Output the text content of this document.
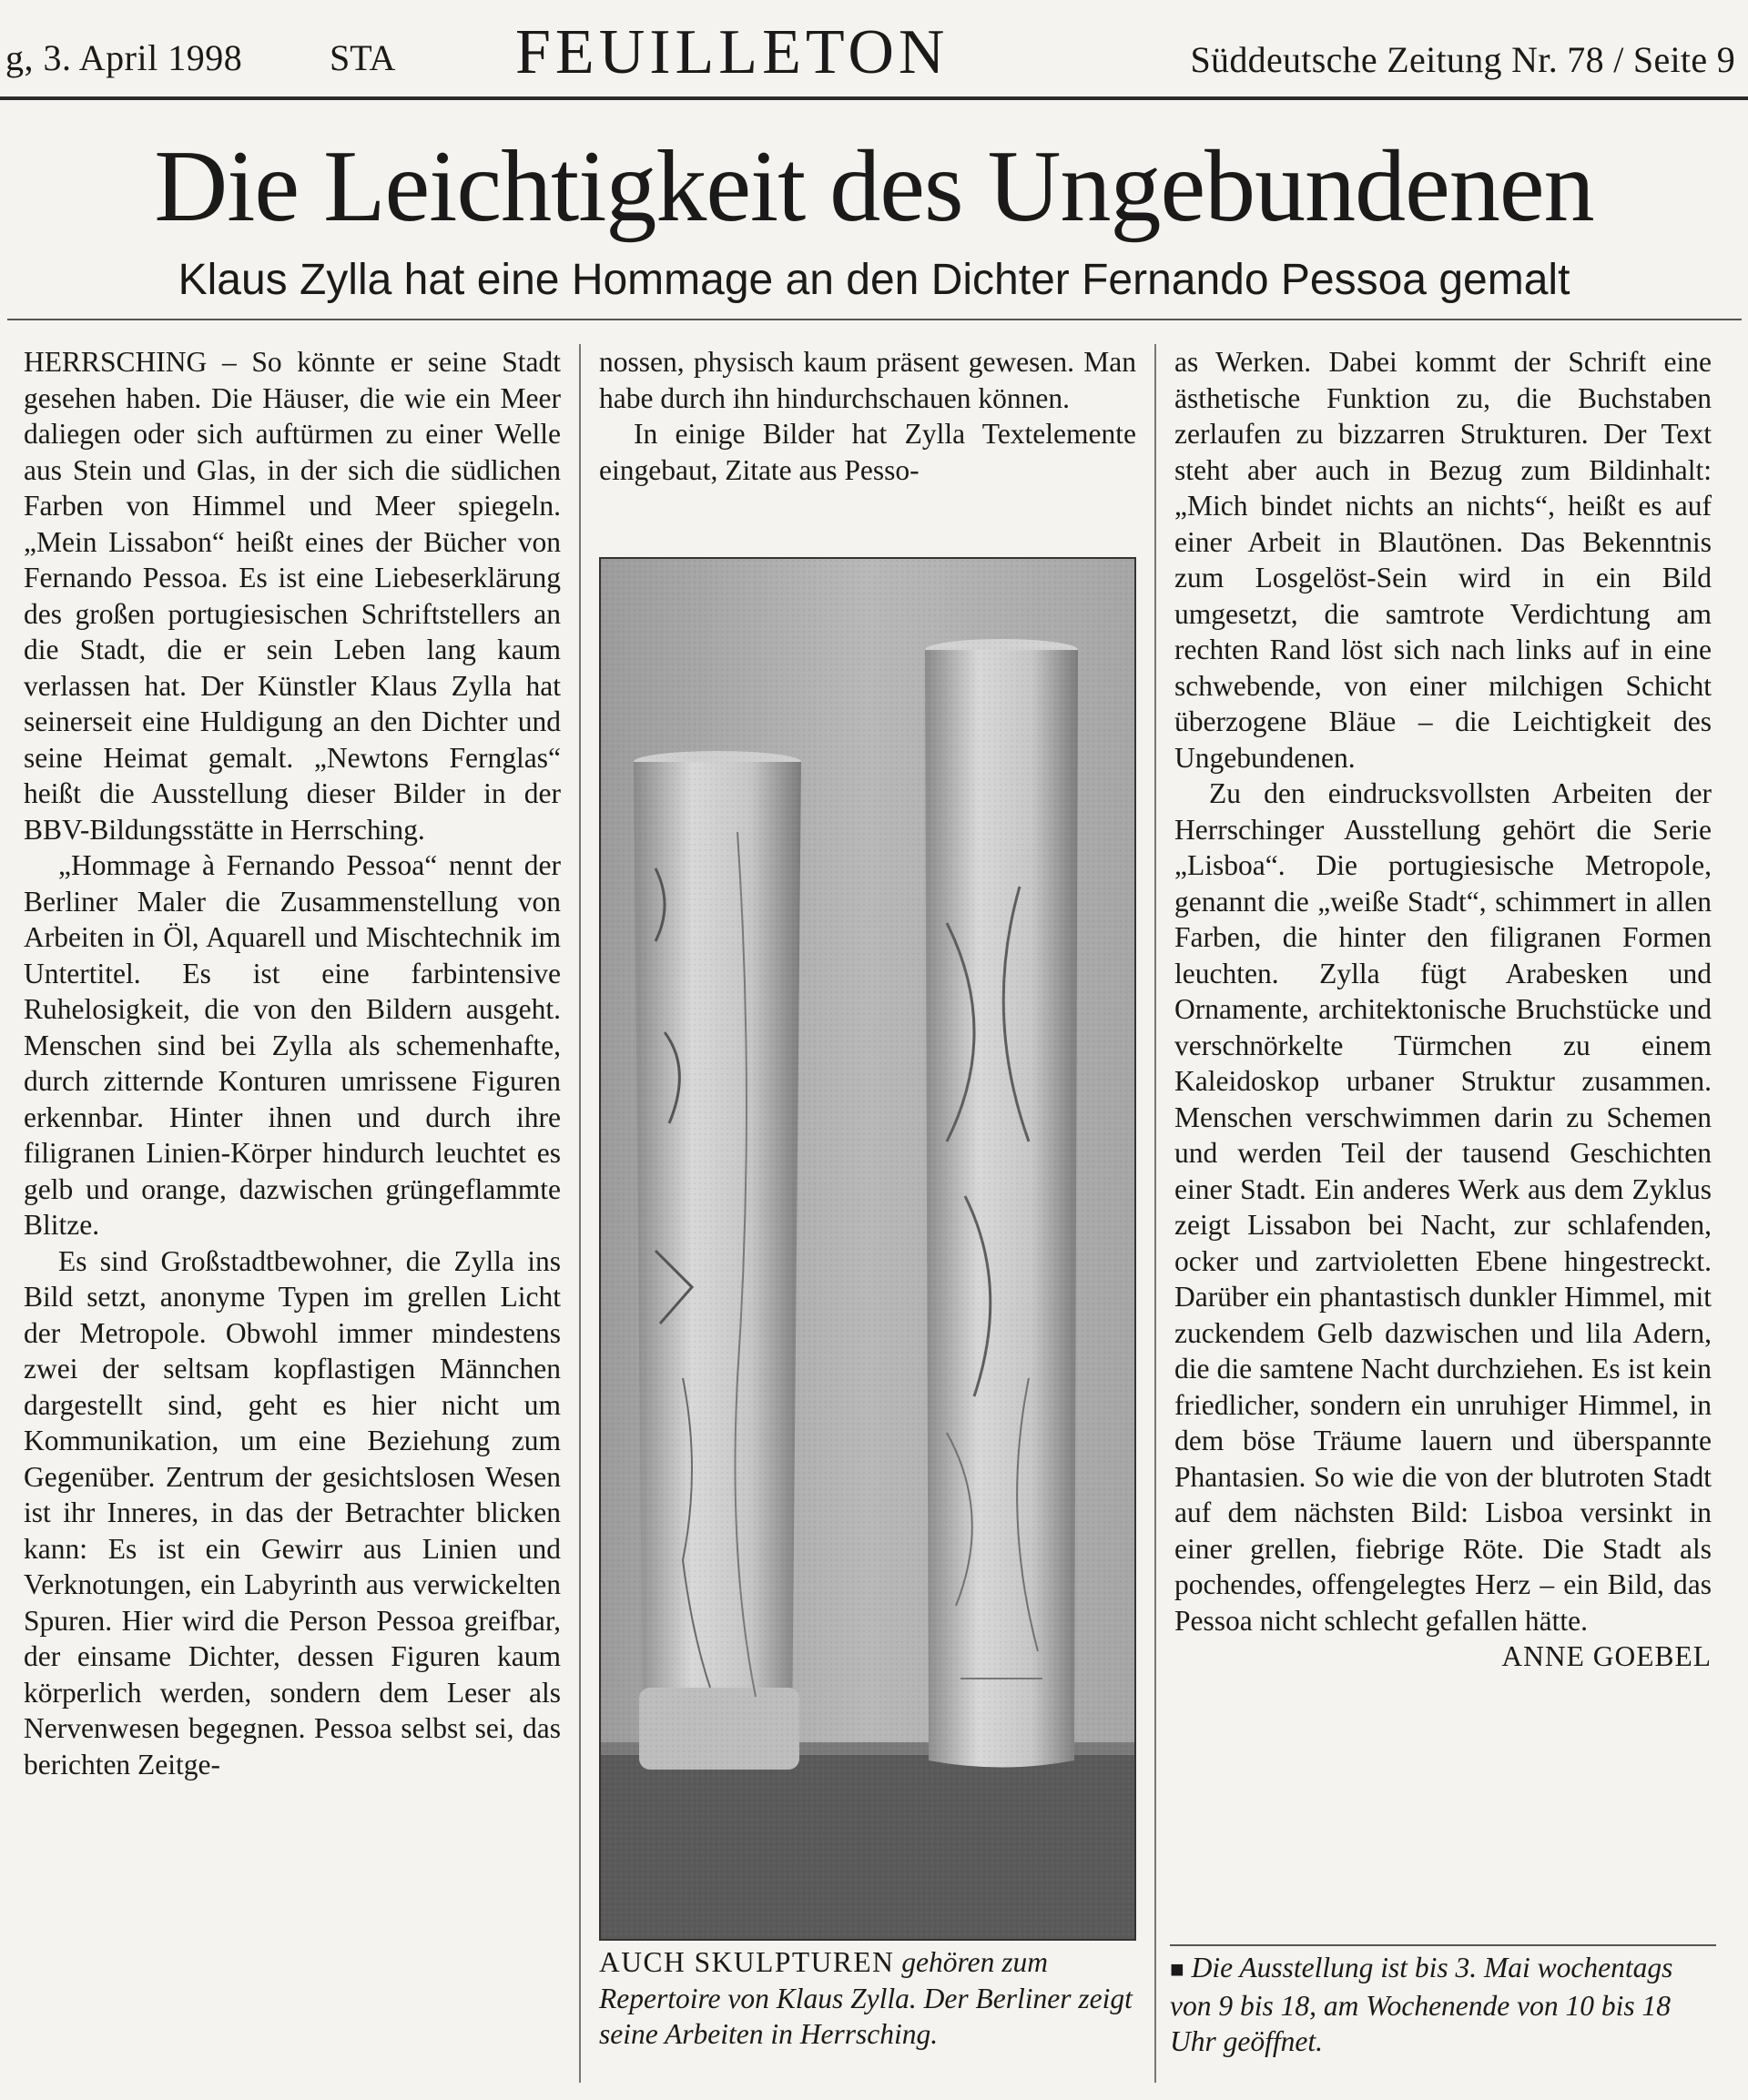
g, 3. April 1998 STA FEUILLETON	Süddeutsche Zeitung Nr. 78 / Seite 9
Die Leichtigkeit des Ungebundenen
Klaus Zylla hat eine Hommage an den Dichter Fernando Pessoa gemalt

HERRSCHING – So könnte er seine Stadt gesehen haben. Die Häuser, die wie ein Meer daliegen oder sich auftürmen zu einer Welle aus Stein und Glas, in der sich die südlichen Farben von Himmel und Meer spiegeln. „Mein Lissabon“ heißt eines der Bücher von Fernando Pessoa. Es ist eine Liebeserklärung des großen portugiesischen Schriftstellers an die Stadt, die er sein Leben lang kaum verlassen hat. Der Künstler Klaus Zylla hat seinerseit eine Huldigung an den Dichter und seine Heimat gemalt. „Newtons Fernglas“ heißt die Ausstellung dieser Bilder in der BBV-Bildungsstätte in Herrsching.

„Hommage à Fernando Pessoa“ nennt der Berliner Maler die Zusammenstellung von Arbeiten in Öl, Aquarell und Mischtechnik im Untertitel. Es ist eine farbintensive Ruhelosigkeit, die von den Bildern ausgeht. Menschen sind bei Zylla als schemenhafte, durch zitternde Konturen umrissene Figuren erkennbar. Hinter ihnen und durch ihre filigranen Linien-Körper hindurch leuchtet es gelb und orange, dazwischen grüngeflammte Blitze.

Es sind Großstadtbewohner, die Zylla ins Bild setzt, anonyme Typen im grellen Licht der Metropole. Obwohl immer mindestens zwei der seltsam kopflastigen Männchen dargestellt sind, geht es hier nicht um Kommunikation, um eine Beziehung zum Gegenüber. Zentrum der gesichtslosen Wesen ist ihr Inneres, in das der Betrachter blicken kann: Es ist ein Gewirr aus Linien und Verknotungen, ein Labyrinth aus verwickelten Spuren. Hier wird die Person Pessoa greifbar, der einsame Dichter, dessen Figuren kaum körperlich werden, sondern dem Leser als Nervenwesen begegnen. Pessoa selbst sei, das berichten Zeitge-

nossen, physisch kaum präsent gewesen. Man habe durch ihn hindurchschauen können.

In einige Bilder hat Zylla Textelemente eingebaut, Zitate aus Pesso-

AUCH SKULPTUREN gehören zum Repertoire von Klaus Zylla. Der Berliner zeigt seine Arbeiten in Herrsching.

as Werken. Dabei kommt der Schrift eine ästhetische Funktion zu, die Buchstaben zerlaufen zu bizzarren Strukturen. Der Text steht aber auch in Bezug zum Bildinhalt: „Mich bindet nichts an nichts“, heißt es auf einer Arbeit in Blautönen. Das Bekenntnis zum Losgelöst-Sein wird in ein Bild umgesetzt, die samtrote Verdichtung am rechten Rand löst sich nach links auf in eine schwebende, von einer milchigen Schicht überzogene Bläue – die Leichtigkeit des Ungebundenen.

Zu den eindrucksvollsten Arbeiten der Herrschinger Ausstellung gehört die Serie „Lisboa“. Die portugiesische Metropole, genannt die „weiße Stadt“, schimmert in allen Farben, die hinter den filigranen Formen leuchten. Zylla fügt Arabesken und Ornamente, architektonische Bruchstücke und verschnörkelte Türmchen zu einem Kaleidoskop urbaner Struktur zusammen. Menschen verschwimmen darin zu Schemen und werden Teil der tausend Geschichten einer Stadt. Ein anderes Werk aus dem Zyklus zeigt Lissabon bei Nacht, zur schlafenden, ocker und zartvioletten Ebene hingestreckt. Darüber ein phantastisch dunkler Himmel, mit zuckendem Gelb dazwischen und lila Adern, die die samtene Nacht durchziehen. Es ist kein friedlicher, sondern ein unruhiger Himmel, in dem böse Träume lauern und überspannte Phantasien. So wie die von der blutroten Stadt auf dem nächsten Bild: Lisboa versinkt in einer grellen, fiebrige Röte. Die Stadt als pochendes, offengelegtes Herz – ein Bild, das Pessoa nicht schlecht gefallen hätte.

ANNE GOEBEL

■ Die Ausstellung ist bis 3. Mai wochentags von 9 bis 18, am Wochenende von 10 bis 18 Uhr geöffnet.
